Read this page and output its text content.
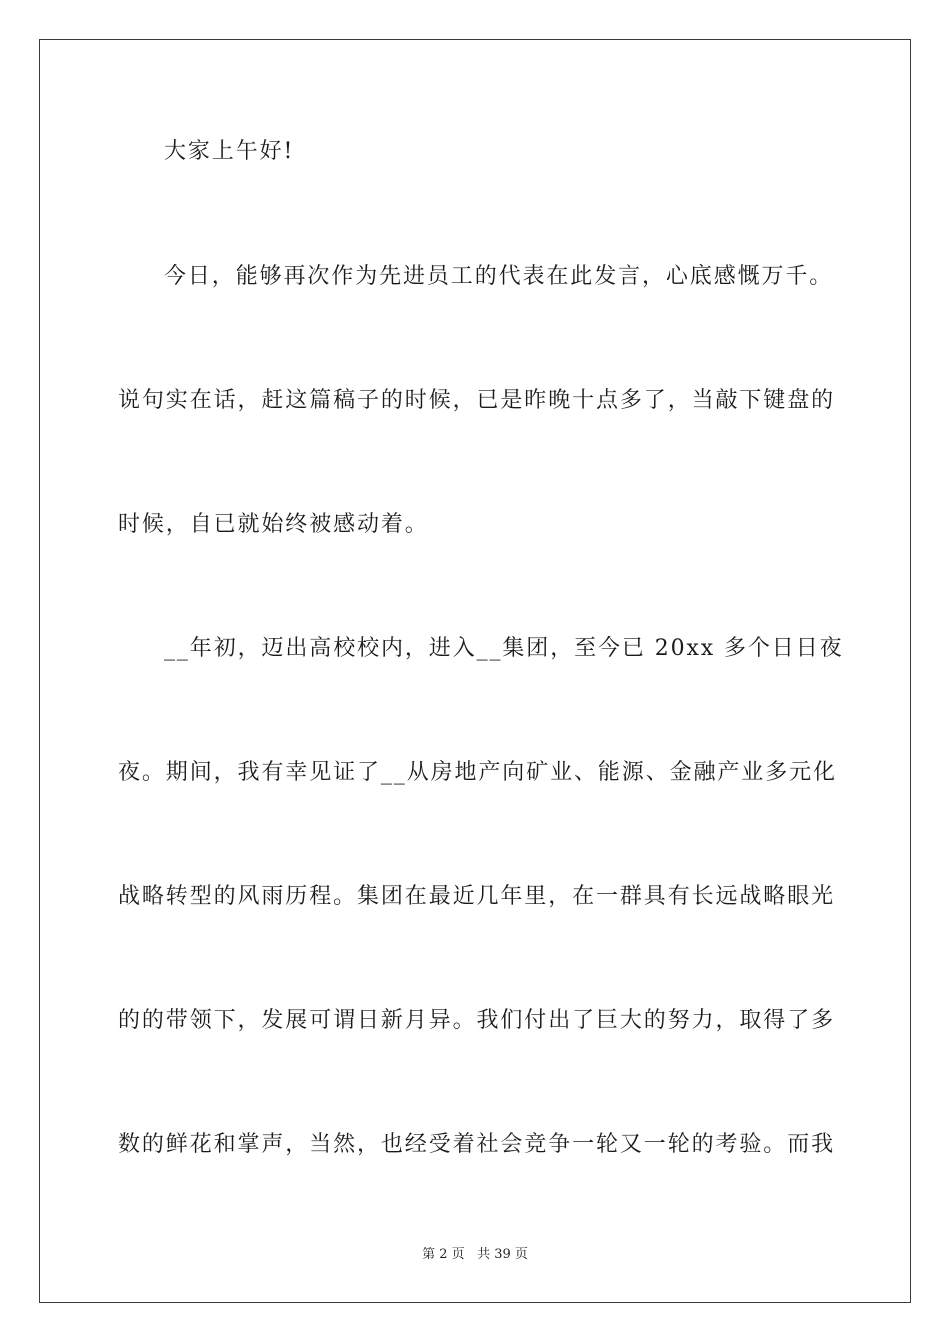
大家上午好!
今日，能够再次作为先进员工的代表在此发言，心底感慨万千。
说句实在话，赶这篇稿子的时候，已是昨晚十点多了，当敲下键盘的
时候，自已就始终被感动着。
__年初，迈出高校校内，进入__集团，至今已 20xx 多个日日夜
夜。期间，我有幸见证了__从房地产向矿业、能源、金融产业多元化
战略转型的风雨历程。集团在最近几年里，在一群具有长远战略眼光
的的带领下，发展可谓日新月异。我们付出了巨大的努力，取得了多
数的鲜花和掌声，当然，也经受着社会竞争一轮又一轮的考验。而我
第 2 页 共 39 页
